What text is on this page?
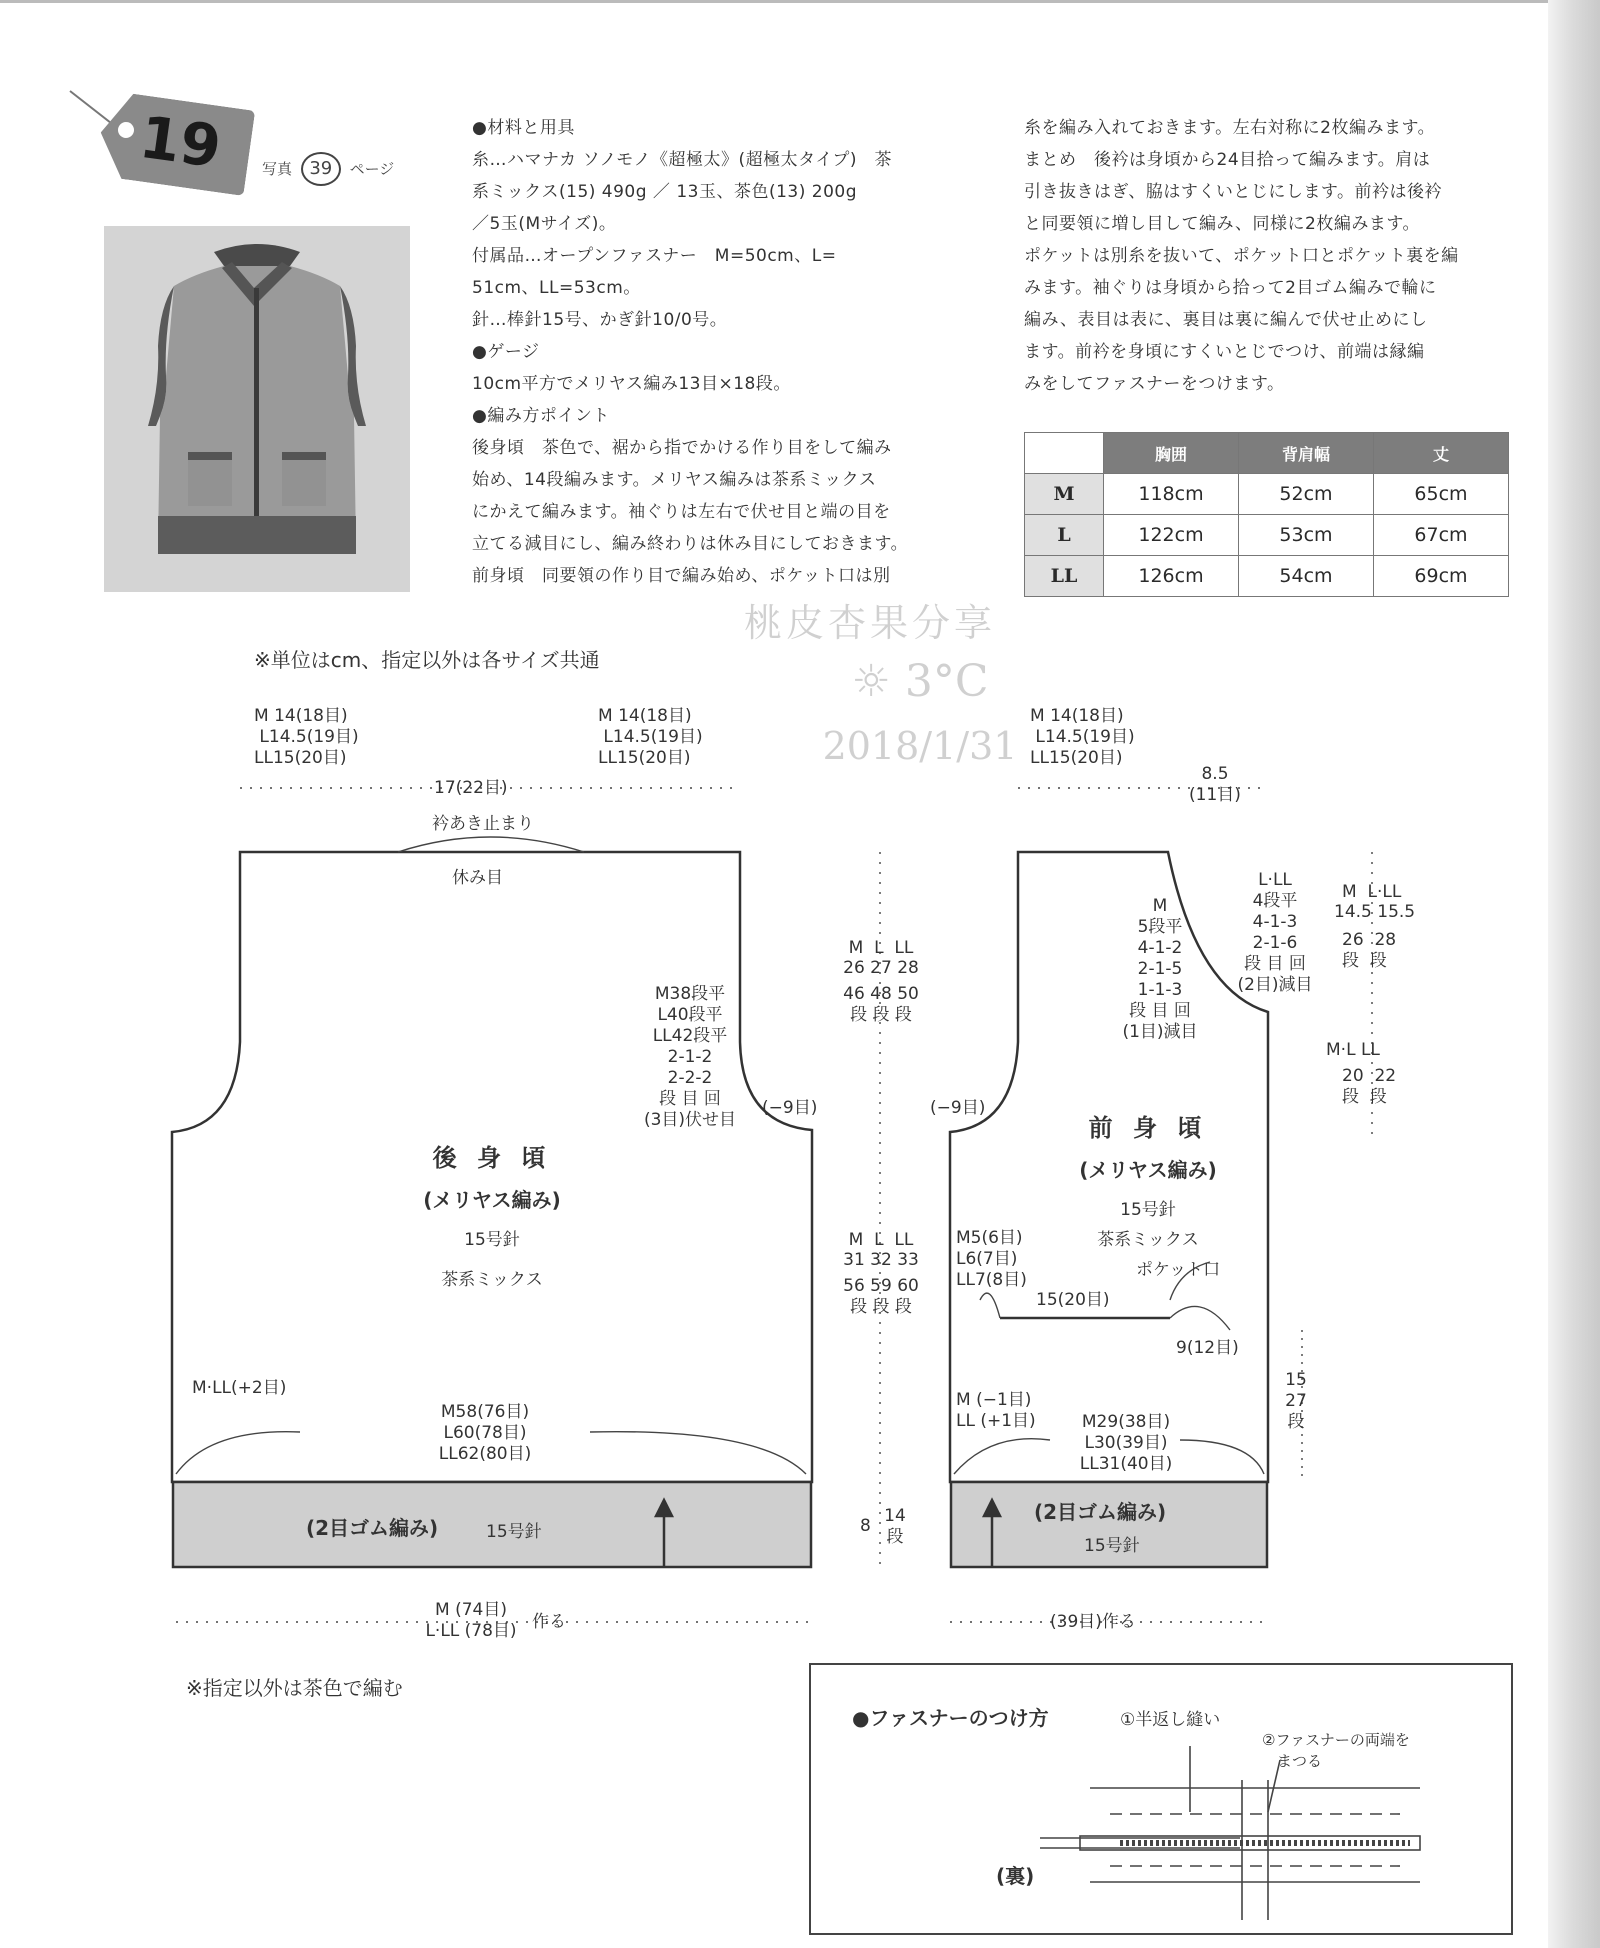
19 写真 39 ページ

●材料と用具

糸…ハマナカ ソノモノ《超極太》(超極太タイプ)　茶

系ミックス(15) 490g ／ 13玉、茶色(13) 200g

／5玉(Mサイズ)。

付属品…オープンファスナー　M=50cm、L=

51cm、LL=53cm。

針…棒針15号、かぎ針10/0号。

●ゲージ

10cm平方でメリヤス編み13目×18段。

●編み方ポイント

後身頃　茶色で、裾から指でかける作り目をして編み

始め、14段編みます。メリヤス編みは茶系ミックス

にかえて編みます。袖ぐりは左右で伏せ目と端の目を

立てる減目にし、編み終わりは休み目にしておきます。

前身頃　同要領の作り目で編み始め、ポケット口は別

糸を編み入れておきます。左右対称に2枚編みます。

まとめ　後衿は身頃から24目拾って編みます。肩は

引き抜きはぎ、脇はすくいとじにします。前衿は後衿

と同要領に増し目して編み、同様に2枚編みます。

ポケットは別糸を抜いて、ポケット口とポケット裏を編

みます。袖ぐりは身頃から拾って2目ゴム編みで輪に

編み、表目は表に、裏目は裏に編んで伏せ止めにし

ます。前衿を身頃にすくいとじでつけ、前端は縁編

みをしてファスナーをつけます。

	胸囲	背肩幅	丈
M	118cm	52cm	65cm
L	122cm	53cm	67cm
LL	126cm	54cm	69cm
桃皮杏果分享
☼ 3°C
2018/1/31
※単位はcm、指定以外は各サイズ共通
※指定以外は茶色で編む
M 14(18目)
L14.5(19目)
LL15(20目)
17(22目)
M 14(18目)
L14.5(19目)
LL15(20目)
衿あき止まり
休み目
M38段平
L40段平
LL42段平
2-1-2
2-2-2
段 目 回
(3目)伏せ目
(−9目)
後 身 頃
(メリヤス編み)
15号針
茶系ミックス
M·LL(+2目)
M58(76目)
L60(78目)
LL62(80目)
(2目ゴム編み)	15号針
M (74目)
L·LL (78目) 作る
M  L  LL
26 27 28
46 48 50
段 段 段
M  L  LL
31 32 33
56 59 60
段 段 段
8 14
段
M 14(18目)
L14.5(19目)
LL15(20目)
8.5
(11目)
L·LL
4段平
4-1-3
2-1-6
段 目 回
(2目)減目
M
5段平
4-1-2
2-1-5
1-1-3
段 目 回
(1目)減目
M  L·LL
14.5 15.5
26  28
段  段
M·L LL
20  22
段  段
(−9目)
前 身 頃
(メリヤス編み)
15号針
茶系ミックス
ポケット口
M5(6目)
L6(7目)
LL7(8目)
15(20目)
9(12目)
15
27
段
M (−1目)
LL (+1目)	M29(38目)
L30(39目)
LL31(40目)
(2目ゴム編み)
15号針
(39目)作る
●ファスナーのつけ方	①半返し縫い
②ファスナーの両端を
　まつる
(裏)
